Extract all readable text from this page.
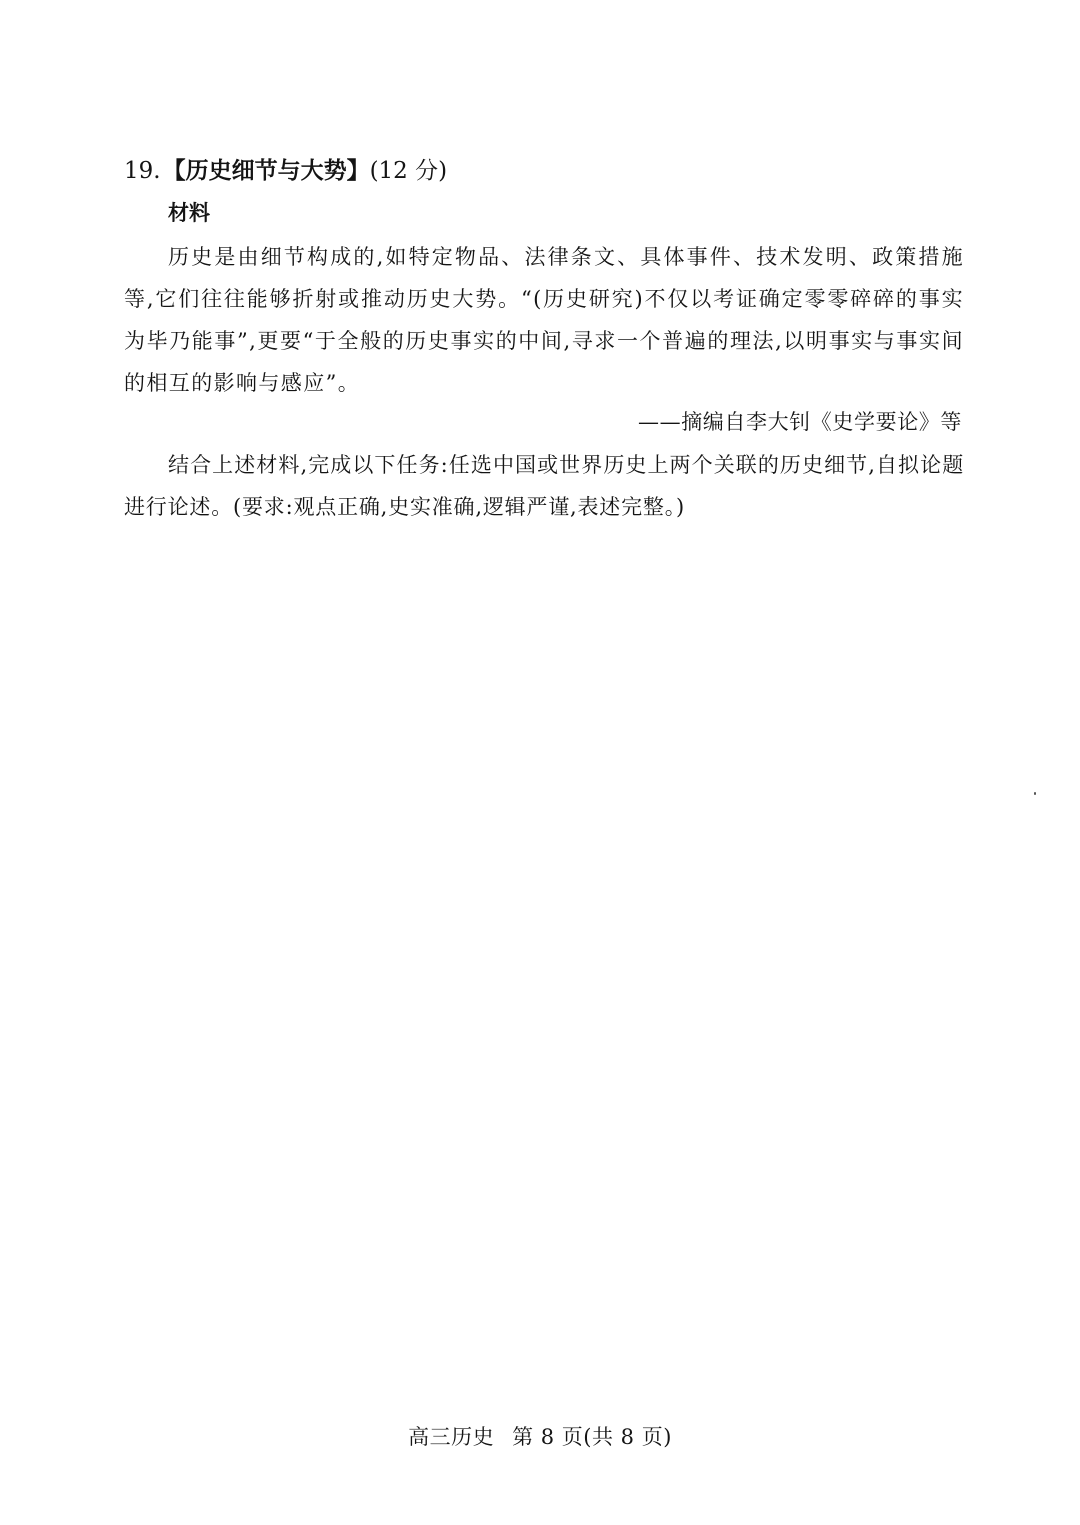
19.【历史细节与大势】(12 分)
材料

历史是由细节构成的,如特定物品、法律条文、具体事件、技术发明、政策措施等,它们往往能够折射或推动历史大势。“(历史研究)不仅以考证确定零零碎碎的事实为毕乃能事”,更要“于全般的历史事实的中间,寻求一个普遍的理法,以明事实与事实间的相互的影响与感应”。

——摘编自李大钊《史学要论》等

结合上述材料,完成以下任务:任选中国或世界历史上两个关联的历史细节,自拟论题进行论述。(要求:观点正确,史实准确,逻辑严谨,表述完整。)

高三历史 第 8 页(共 8 页)
